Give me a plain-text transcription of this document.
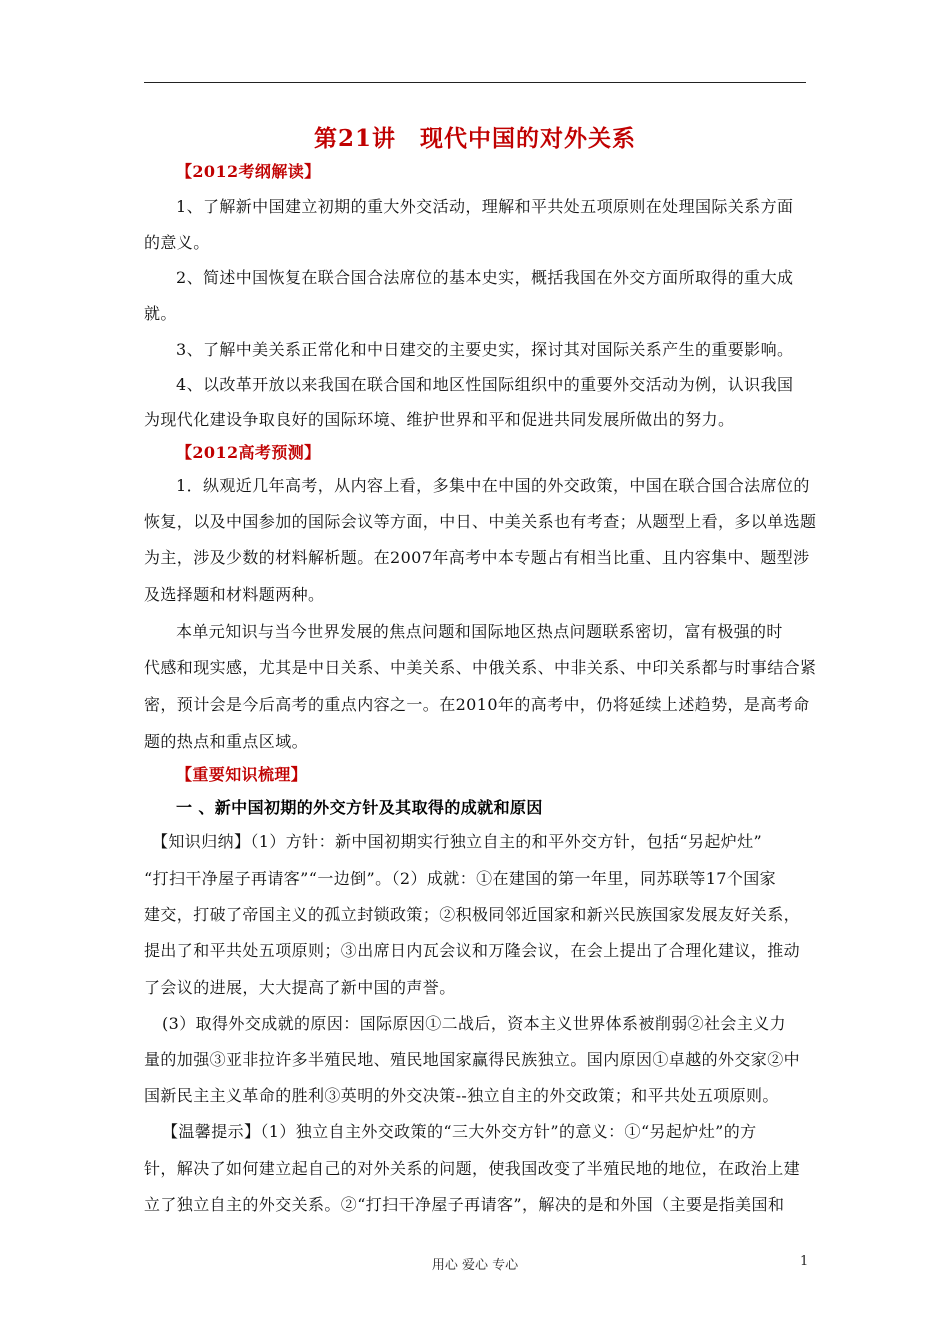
第21讲 现代中国的对外关系
【2012考纲解读】
1、了解新中国建立初期的重大外交活动，理解和平共处五项原则在处理国际关系方面
的意义。
2、简述中国恢复在联合国合法席位的基本史实，概括我国在外交方面所取得的重大成
就。
3、了解中美关系正常化和中日建交的主要史实，探讨其对国际关系产生的重要影响。
4、以改革开放以来我国在联合国和地区性国际组织中的重要外交活动为例，认识我国
为现代化建设争取良好的国际环境、维护世界和平和促进共同发展所做出的努力。
【2012高考预测】
1．纵观近几年高考，从内容上看，多集中在中国的外交政策，中国在联合国合法席位的
恢复，以及中国参加的国际会议等方面，中日、中美关系也有考查；从题型上看，多以单选题
为主，涉及少数的材料解析题。在2007年高考中本专题占有相当比重、且内容集中、题型涉
及选择题和材料题两种。
本单元知识与当今世界发展的焦点问题和国际地区热点问题联系密切，富有极强的时
代感和现实感，尤其是中日关系、中美关系、中俄关系、中非关系、中印关系都与时事结合紧
密，预计会是今后高考的重点内容之一。在2010年的高考中，仍将延续上述趋势，是高考命
题的热点和重点区域。
【重要知识梳理】
一 、新中国初期的外交方针及其取得的成就和原因
【知识归纳】（1）方针：新中国初期实行独立自主的和平外交方针，包括“另起炉灶”
“打扫干净屋子再请客”“一边倒”。（2）成就：①在建国的第一年里，同苏联等17个国家
建交，打破了帝国主义的孤立封锁政策；②积极同邻近国家和新兴民族国家发展友好关系，
提出了和平共处五项原则；③出席日内瓦会议和万隆会议，在会上提出了合理化建议，推动
了会议的进展，大大提高了新中国的声誉。
(3）取得外交成就的原因：国际原因①二战后，资本主义世界体系被削弱②社会主义力
量的加强③亚非拉许多半殖民地、殖民地国家赢得民族独立。国内原因①卓越的外交家②中
国新民主主义革命的胜利③英明的外交决策--独立自主的外交政策；和平共处五项原则。
【温馨提示】（1）独立自主外交政策的“三大外交方针”的意义：①“另起炉灶”的方
针，解决了如何建立起自己的对外关系的问题，使我国改变了半殖民地的地位，在政治上建
立了独立自主的外交关系。②“打扫干净屋子再请客”，解决的是和外国（主要是指美国和
用心 爱心 专心	1
